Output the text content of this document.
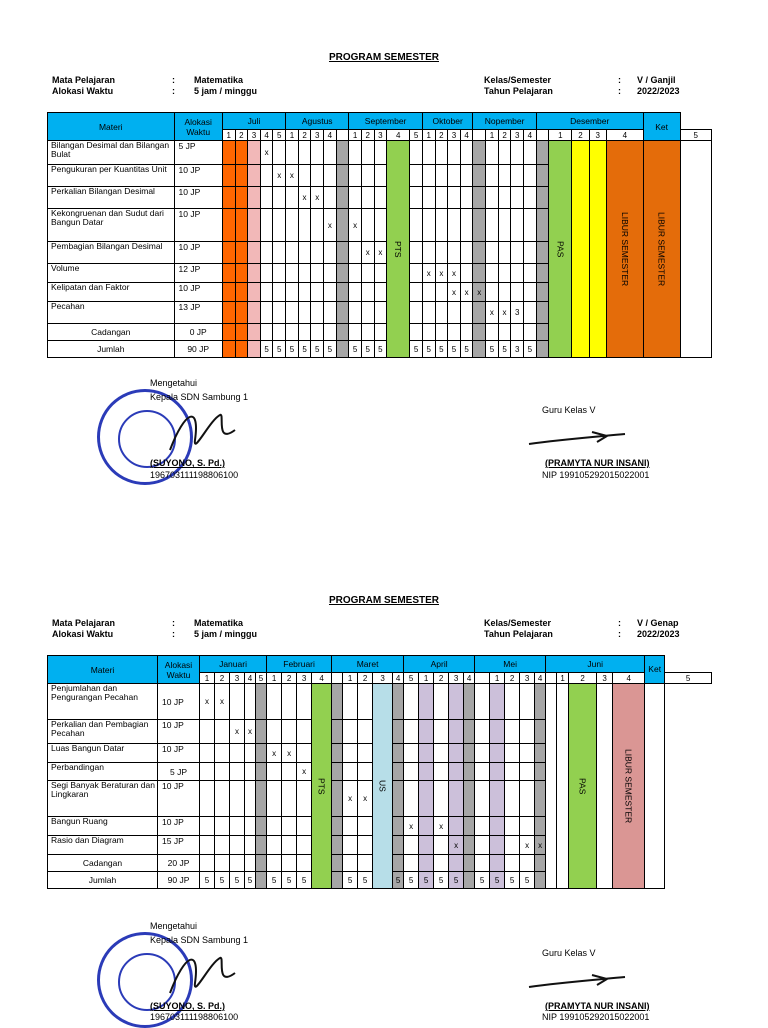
PROGRAM SEMESTER
Mata Pelajaran	: Matematika
Alokasi Waktu	: 5 jam / minggu
Kelas/Semester	: V / Ganjil
Tahun Pelajaran	: 2022/2023
Materi	Alokasi Waktu	Juli					Agustus					September					Oktober				Nopember					Desember					Ket	
		1	2	3	4	5	1	2	3	4		1	2	3	4	5	1	2	3	4		1	2	3	4		1	2	3	4		5
Bilangan Desimal dan Bilangan Bulat	5 JP				x										PTS												PAS			LIBUR SEMESTER	LIBUR SEMESTER	
Pengukuran per Kuantitas Unit	10 JP					x	x																									
Perkalian Bilangan Desimal	10 JP							x	x																							
Kekongruenan dan Sudut dari Bangun Datar	10 JP									x		x																				
Pembagian Bilangan Desimal	10 JP												x	x																		
Volume	12 JP																x	x	x													
Kelipatan dan Faktor	10 JP																		x	x	x											
Pecahan	13 JP																					x	x	3								
Cadangan	0 JP																															
Jumlah	90 JP				5	5	5	5	5	5		5	5	5		5	5	5	5	5		5	5	3	5							
Mengetahui
Kepala SDN Sambung 1
(SUYONO, S. Pd.)
196703111198806100
Guru Kelas V
(PRAMYTA NUR INSANI)
NIP 199105292015022001
PROGRAM SEMESTER
Mata Pelajaran	: Matematika
Alokasi Waktu	: 5 jam / minggu
Kelas/Semester	: V / Genap
Tahun Pelajaran	: 2022/2023
Materi	Alokasi Waktu	Januari					Februari				Maret					April					Mei					Juni					Ket	
		1	2	3	4	5	1	2	3	4		1	2	3	4	5	1	2	3	4		1	2	3	4		1	2	3	4		5
Penjumlahan dan Pengurangan Pecahan	10 JP	x	x							PTS				US														PAS		LIBUR SEMESTER		
Perkalian dan Pembagian Pecahan	10 JP			x	x																											
Luas Bangun Datar	10 JP						x	x																								
Perbandingan	5 JP								x																							
Segi Banyak Beraturan dan Lingkaran	10 JP											x	x																			
Bangun Ruang	10 JP															x		x														
Rasio dan Diagram	15 JP																		x					x	x							
Cadangan	20 JP																															
Jumlah	90 JP	5	5	5	5		5	5	5			5	5		5	5	5	5	5		5	5	5	5								
Mengetahui
Kepala SDN Sambung 1
(SUYONO, S. Pd.)
196703111198806100
Guru Kelas V
(PRAMYTA NUR INSANI)
NIP 199105292015022001
